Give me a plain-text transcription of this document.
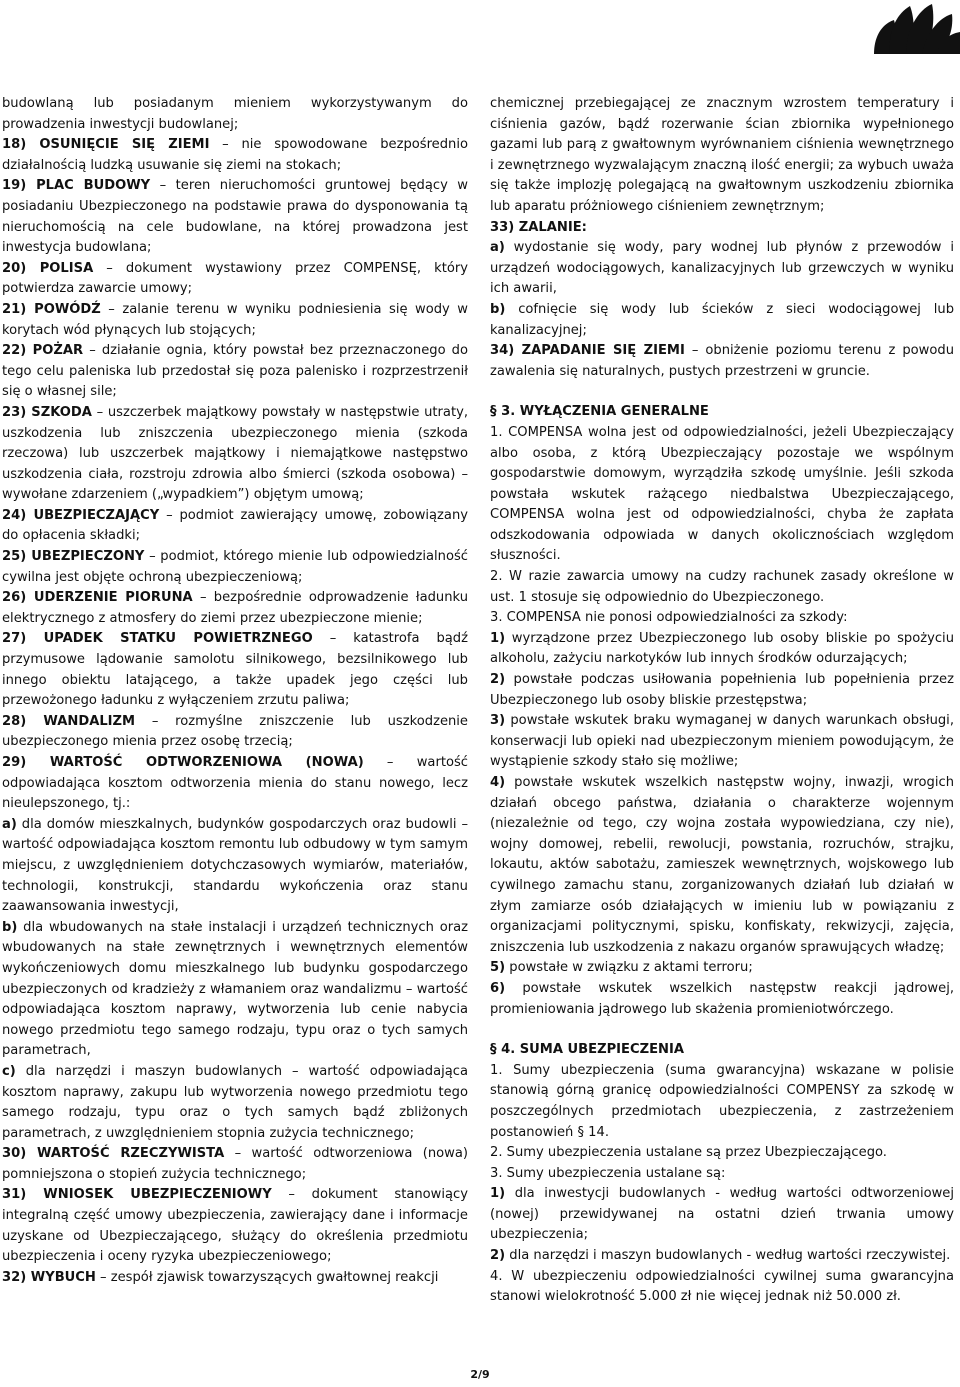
budowlaną lub posiadanym mieniem wykorzystywanym do prowadzenia inwestycji budowlanej;

18) OSUNIĘCIE SIĘ ZIEMI – nie spowodowane bezpośrednio działalnością ludzką usuwanie się ziemi na stokach;

19) PLAC BUDOWY – teren nieruchomości gruntowej będący w posiadaniu Ubezpieczonego na podstawie prawa do dysponowania tą nieruchomością na cele budowlane, na której prowadzona jest inwestycja budowlana;

20) POLISA – dokument wystawiony przez COMPENSĘ, który potwierdza zawarcie umowy;

21) POWÓDŹ – zalanie terenu w wyniku podniesienia się wody w korytach wód płynących lub stojących;

22) POŻAR – działanie ognia, który powstał bez przeznaczonego do tego celu paleniska lub przedostał się poza palenisko i rozprzestrzenił się o własnej sile;

23) SZKODA – uszczerbek majątkowy powstały w następstwie utraty, uszkodzenia lub zniszczenia ubezpieczonego mienia (szkoda rzeczowa) lub uszczerbek majątkowy i niemajątkowe następstwo uszkodzenia ciała, rozstroju zdrowia albo śmierci (szkoda osobowa) – wywołane zdarzeniem („wypadkiem”) objętym umową;

24) UBEZPIECZAJĄCY – podmiot zawierający umowę, zobowiązany do opłacenia składki;

25) UBEZPIECZONY – podmiot, którego mienie lub odpowiedzialność cywilna jest objęte ochroną ubezpieczeniową;

26) UDERZENIE PIORUNA – bezpośrednie odprowadzenie ładunku elektrycznego z atmosfery do ziemi przez ubezpieczone mienie;

27) UPADEK STATKU POWIETRZNEGO – katastrofa bądź przymusowe lądowanie samolotu silnikowego, bezsilnikowego lub innego obiektu latającego, a także upadek jego części lub przewożonego ładunku z wyłączeniem zrzutu paliwa;

28) WANDALIZM – rozmyślne zniszczenie lub uszkodzenie ubezpieczonego mienia przez osobę trzecią;

29) WARTOŚĆ ODTWORZENIOWA (NOWA) – wartość odpowiadająca kosztom odtworzenia mienia do stanu nowego, lecz nieulepszonego, tj.:

a) dla domów mieszkalnych, budynków gospodarczych oraz budowli – wartość odpowiadająca kosztom remontu lub odbudowy w tym samym miejscu, z uwzględnieniem dotychczasowych wymiarów, materiałów, technologii, konstrukcji, standardu wykończenia oraz stanu zaawansowania inwestycji,

b) dla wbudowanych na stałe instalacji i urządzeń technicznych oraz wbudowanych na stałe zewnętrznych i wewnętrznych elementów wykończeniowych domu mieszkalnego lub budynku gospodarczego ubezpieczonych od kradzieży z włamaniem oraz wandalizmu – wartość odpowiadająca kosztom naprawy, wytworzenia lub cenie nabycia nowego przedmiotu tego samego rodzaju, typu oraz o tych samych parametrach,

c) dla narzędzi i maszyn budowlanych – wartość odpowiadająca kosztom naprawy, zakupu lub wytworzenia nowego przedmiotu tego samego rodzaju, typu oraz o tych samych bądź zbliżonych parametrach, z uwzględnieniem stopnia zużycia technicznego;

30) WARTOŚĆ RZECZYWISTA – wartość odtworzeniowa (nowa) pomniejszona o stopień zużycia technicznego;

31) WNIOSEK UBEZPIECZENIOWY – dokument stanowiący integralną część umowy ubezpieczenia, zawierający dane i informacje uzyskane od Ubezpieczającego, służący do określenia przedmiotu ubezpieczenia i oceny ryzyka ubezpieczeniowego;

32) WYBUCH – zespół zjawisk towarzyszących gwałtownej reakcji

chemicznej przebiegającej ze znacznym wzrostem temperatury i ciśnienia gazów, bądź rozerwanie ścian zbiornika wypełnionego gazami lub parą z gwałtownym wyrównaniem ciśnienia wewnętrznego i zewnętrznego wyzwalającym znaczną ilość energii; za wybuch uważa się także implozję polegającą na gwałtownym uszkodzeniu zbiornika lub aparatu próżniowego ciśnieniem zewnętrznym;

33) ZALANIE:

a) wydostanie się wody, pary wodnej lub płynów z przewodów i urządzeń wodociągowych, kanalizacyjnych lub grzewczych w wyniku ich awarii,

b) cofnięcie się wody lub ścieków z sieci wodociągowej lub kanalizacyjnej;

34) ZAPADANIE SIĘ ZIEMI – obniżenie poziomu terenu z powodu zawalenia się naturalnych, pustych przestrzeni w gruncie.

§ 3. WYŁĄCZENIA GENERALNE

1. COMPENSA wolna jest od odpowiedzialności, jeżeli Ubezpieczający albo osoba, z którą Ubezpieczający pozostaje we wspólnym gospodarstwie domowym, wyrządziła szkodę umyślnie. Jeśli szkoda powstała wskutek rażącego niedbalstwa Ubezpieczającego, COMPENSA wolna jest od odpowiedzialności, chyba że zapłata odszkodowania odpowiada w danych okolicznościach względom słuszności.

2. W razie zawarcia umowy na cudzy rachunek zasady określone w ust. 1 stosuje się odpowiednio do Ubezpieczonego.

3. COMPENSA nie ponosi odpowiedzialności za szkody:

1) wyrządzone przez Ubezpieczonego lub osoby bliskie po spożyciu alkoholu, zażyciu narkotyków lub innych środków odurzających;

2) powstałe podczas usiłowania popełnienia lub popełnienia przez Ubezpieczonego lub osoby bliskie przestępstwa;

3) powstałe wskutek braku wymaganej w danych warunkach obsługi, konserwacji lub opieki nad ubezpieczonym mieniem powodującym, że wystąpienie szkody stało się możliwe;

4) powstałe wskutek wszelkich następstw wojny, inwazji, wrogich działań obcego państwa, działania o charakterze wojennym (niezależnie od tego, czy wojna została wypowiedziana, czy nie), wojny domowej, rebelii, rewolucji, powstania, rozruchów, strajku, lokautu, aktów sabotażu, zamieszek wewnętrznych, wojskowego lub cywilnego zamachu stanu, zorganizowanych działań lub działań w złym zamiarze osób działających w imieniu lub w powiązaniu z organizacjami politycznymi, spisku, konfiskaty, rekwizycji, zajęcia, zniszczenia lub uszkodzenia z nakazu organów sprawujących władzę;

5) powstałe w związku z aktami terroru;

6) powstałe wskutek wszelkich następstw reakcji jądrowej, promieniowania jądrowego lub skażenia promieniotwórczego.

§ 4. SUMA UBEZPIECZENIA

1. Sumy ubezpieczenia (suma gwarancyjna) wskazane w polisie stanowią górną granicę odpowiedzialności COMPENSY za szkodę w poszczególnych przedmiotach ubezpieczenia, z zastrzeżeniem postanowień § 14.

2. Sumy ubezpieczenia ustalane są przez Ubezpieczającego.

3. Sumy ubezpieczenia ustalane są:

1) dla inwestycji budowlanych - według wartości odtworzeniowej (nowej) przewidywanej na ostatni dzień trwania umowy ubezpieczenia;

2) dla narzędzi i maszyn budowlanych - według wartości rzeczywistej.

4. W ubezpieczeniu odpowiedzialności cywilnej suma gwarancyjna stanowi wielokrotność 5.000 zł nie więcej jednak niż 50.000 zł.

2/9
